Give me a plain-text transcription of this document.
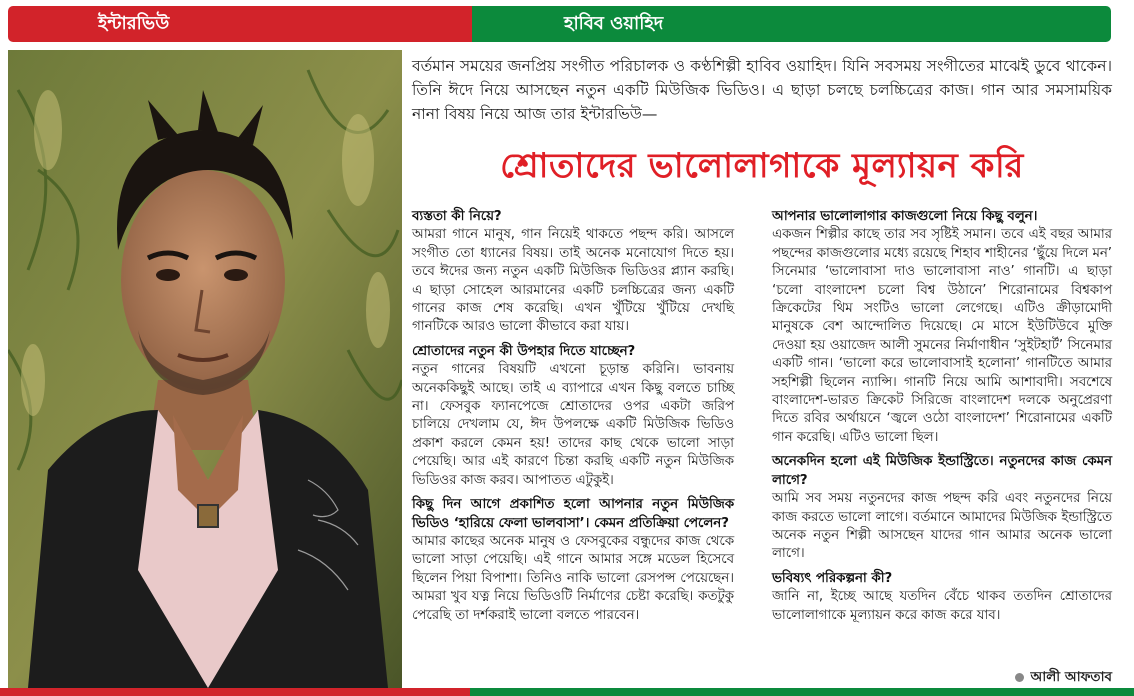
ইন্টারভিউ	হাবিব ওয়াহিদ
বর্তমান সময়ের জনপ্রিয় সংগীত পরিচালক ও কণ্ঠশিল্পী হাবিব ওয়াহিদ। যিনি সবসময় সংগীতের মাঝেই ডুবে থাকেন। তিনি ঈদে নিয়ে আসছেন নতুন একটি মিউজিক ভিডিও। এ ছাড়া চলছে চলচ্চিত্রের কাজ। গান আর সমসাময়িক নানা বিষয় নিয়ে আজ তার ইন্টারভিউ—
শ্রোতাদের ভালোলাগাকে মূল্যায়ন করি
ব্যস্ততা কী নিয়ে?
আমরা গানে মানুষ, গান নিয়েই থাকতে পছন্দ করি। আসলে সংগীত তো ধ্যানের বিষয়। তাই অনেক মনোযোগ দিতে হয়। তবে ঈদের জন্য নতুন একটি মিউজিক ভিডিওর প্ল্যান করছি। এ ছাড়া সোহেল আরমানের একটি চলচ্চিত্রের জন্য একটি গানের কাজ শেষ করেছি। এখন খুঁটিয়ে খুঁটিয়ে দেখছি গানটিকে আরও ভালো কীভাবে করা যায়।
শ্রোতাদের নতুন কী উপহার দিতে যাচ্ছেন?
নতুন গানের বিষয়টি এখনো চূড়ান্ত করিনি। ভাবনায় অনেককিছুই আছে। তাই এ ব্যাপারে এখন কিছু বলতে চাচ্ছি না। ফেসবুক ফ্যানপেজে শ্রোতাদের ওপর একটা জরিপ চালিয়ে দেখলাম যে, ঈদ উপলক্ষে একটি মিউজিক ভিডিও প্রকাশ করলে কেমন হয়! তাদের কাছ থেকে ভালো সাড়া পেয়েছি। আর এই কারণে চিন্তা করছি একটি নতুন মিউজিক ভিডিওর কাজ করব। আপাতত এটুকুই।
কিছু দিন আগে প্রকাশিত হলো আপনার নতুন মিউজিক ভিডিও ‘হারিয়ে ফেলা ভালবাসা’। কেমন প্রতিক্রিয়া পেলেন?
আমার কাছের অনেক মানুষ ও ফেসবুকের বন্ধুদের কাজ থেকে ভালো সাড়া পেয়েছি। এই গানে আমার সঙ্গে মডেল হিসেবে ছিলেন পিয়া বিপাশা। তিনিও নাকি ভালো রেসপন্স পেয়েছেন। আমরা খুব যত্ন নিয়ে ভিডিওটি নির্মাণের চেষ্টা করেছি। কতটুকু পেরেছি তা দর্শকরাই ভালো বলতে পারবেন।
আপনার ভালোলাগার কাজগুলো নিয়ে কিছু বলুন।
একজন শিল্পীর কাছে তার সব সৃষ্টিই সমান। তবে এই বছর আমার পছন্দের কাজগুলোর মধ্যে রয়েছে শিহাব শাহীনের ‘ছুঁয়ে দিলে মন’ সিনেমার ‘ভালোবাসা দাও ভালোবাসা নাও’ গানটি। এ ছাড়া ‘চলো বাংলাদেশ চলো বিশ্ব উঠানে’ শিরোনামের বিশ্বকাপ ক্রিকেটের থিম সংটিও ভালো লেগেছে। এটিও ক্রীড়ামোদী মানুষকে বেশ আন্দোলিত দিয়েছে। মে মাসে ইউটিউবে মুক্তি দেওয়া হয় ওয়াজেদ আলী সুমনের নির্মাণাধীন ‘সুইটহার্ট’ সিনেমার একটি গান। ‘ভালো করে ভালোবাসাই হলোনা’ গানটিতে আমার সহশিল্পী ছিলেন ন্যান্সি। গানটি নিয়ে আমি আশাবাদী। সবশেষে বাংলাদেশ-ভারত ক্রিকেট সিরিজে বাংলাদেশ দলকে অনুপ্রেরণা দিতে রবির অর্থায়নে ‘জ্বলে ওঠো বাংলাদেশ’ শিরোনামের একটি গান করেছি। এটিও ভালো ছিল।
অনেকদিন হলো এই মিউজিক ইন্ডাস্ট্রিতে। নতুনদের কাজ কেমন লাগে?
আমি সব সময় নতুনদের কাজ পছন্দ করি এবং নতুনদের নিয়ে কাজ করতে ভালো লাগে। বর্তমানে আমাদের মিউজিক ইন্ডাস্ট্রিতে অনেক নতুন শিল্পী আসছেন যাদের গান আমার অনেক ভালো লাগে।
ভবিষ্যৎ পরিকল্পনা কী?
জানি না, ইচ্ছে আছে যতদিন বেঁচে থাকব ততদিন শ্রোতাদের ভালোলাগাকে মূল্যায়ন করে কাজ করে যাব।
আলী আফতাব
